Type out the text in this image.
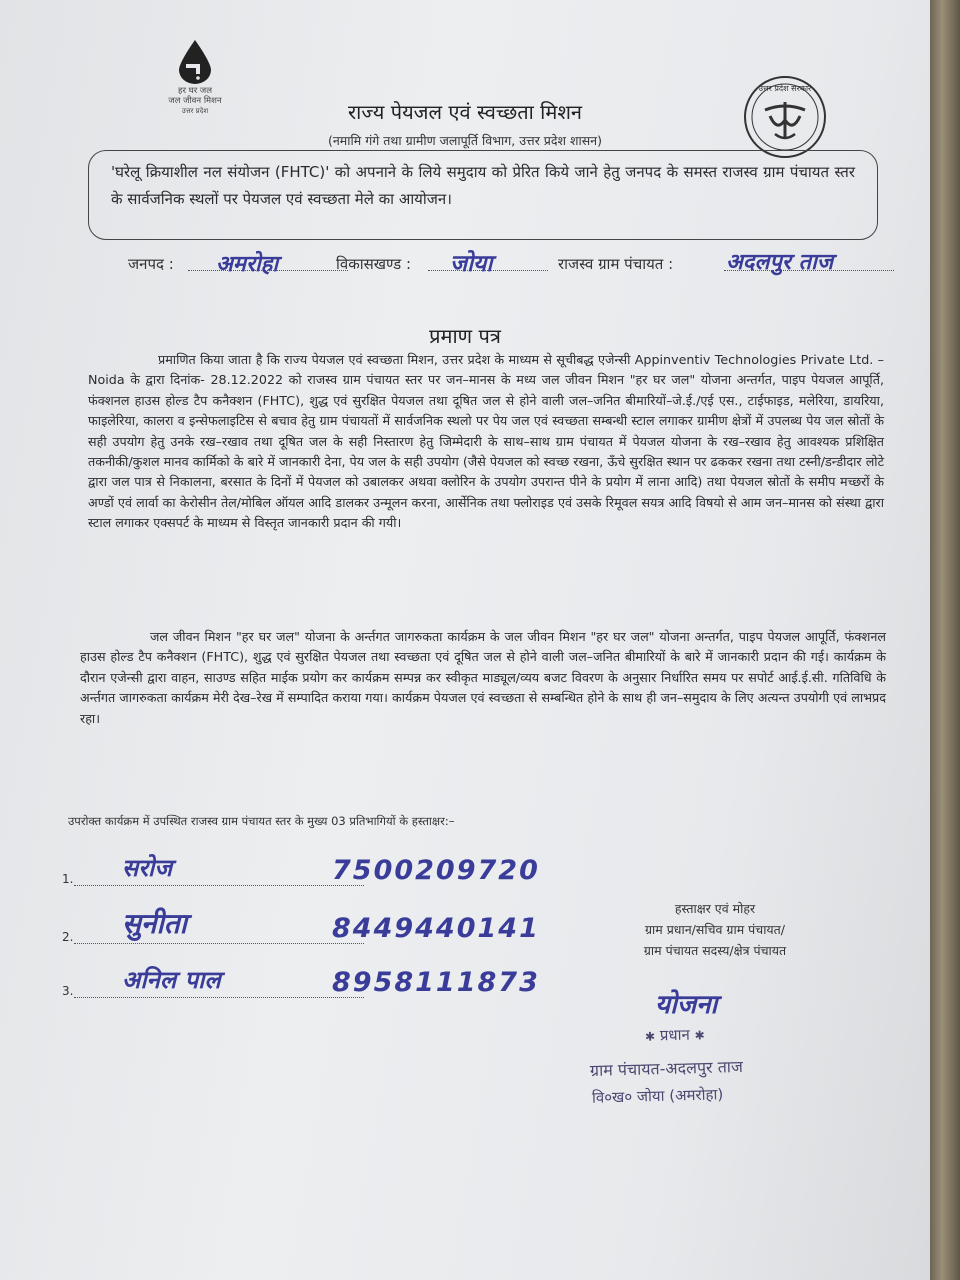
हर घर जल
जल जीवन मिशन
उत्तर प्रदेश
उत्तर प्रदेश सरकार
राज्य पेयजल एवं स्वच्छता मिशन
(नमामि गंगे तथा ग्रामीण जलापूर्ति विभाग, उत्तर प्रदेश शासन)
'घरेलू क्रियाशील नल संयोजन (FHTC)' को अपनाने के लिये समुदाय को प्रेरित किये जाने हेतु जनपद के समस्त राजस्व ग्राम पंचायत स्तर के सार्वजनिक स्थलों पर पेयजल एवं स्वच्छता मेले का आयोजन।
जनपद : अमरोहा	विकासखण्ड : जोया	राजस्व ग्राम पंचायत : अदलपुर ताज
प्रमाण पत्र
प्रमाणित किया जाता है कि राज्य पेयजल एवं स्वच्छता मिशन, उत्तर प्रदेश के माध्यम से सूचीबद्ध एजेन्सी Appinventiv Technologies Private Ltd. – Noida के द्वारा दिनांक- 28.12.2022 को राजस्व ग्राम पंचायत स्तर पर जन–मानस के मध्य जल जीवन मिशन "हर घर जल" योजना अन्तर्गत, पाइप पेयजल आपूर्ति, फंक्शनल हाउस होल्ड टैप कनैक्शन (FHTC), शुद्ध एवं सुरक्षित पेयजल तथा दूषित जल से होने वाली जल–जनित बीमारियों–जे.ई./एई एस., टाईफाइड, मलेरिया, डायरिया, फाइलेरिया, कालरा व इन्सेफलाइटिस से बचाव हेतु ग्राम पंचायतों में सार्वजनिक स्थलो पर पेय जल एवं स्वच्छता सम्बन्धी स्टाल लगाकर ग्रामीण क्षेत्रों में उपलब्ध पेय जल स्रोतों के सही उपयोग हेतु उनके रख–रखाव तथा दूषित जल के सही निस्तारण हेतु जिम्मेदारी के साथ–साथ ग्राम पंचायत में पेयजल योजना के रख–रखाव हेतु आवश्यक प्रशिक्षित तकनीकी/कुशल मानव कार्मिको के बारे में जानकारी देना, पेय जल के सही उपयोग (जैसे पेयजल को स्वच्छ रखना, ऊँचे सुरक्षित स्थान पर ढककर रखना तथा टस्नी/डन्डीदार लोटे द्वारा जल पात्र से निकालना, बरसात के दिनों में पेयजल को उबालकर अथवा क्लोरिन के उपयोग उपरान्त पीने के प्रयोग में लाना आदि) तथा पेयजल स्रोतों के समीप मच्छरों के अण्डों एवं लार्वा का केरोसीन तेल/मोबिल ऑयल आदि डालकर उन्मूलन करना, आर्सेनिक तथा फ्लोराइड एवं उसके रिमूवल सयत्र आदि विषयो से आम जन–मानस को संस्था द्वारा स्टाल लगाकर एक्सपर्ट के माध्यम से विस्तृत जानकारी प्रदान की गयी।
जल जीवन मिशन "हर घर जल" योजना के अर्न्तगत जागरुकता कार्यक्रम के जल जीवन मिशन "हर घर जल" योजना अन्तर्गत, पाइप पेयजल आपूर्ति, फंक्शनल हाउस होल्ड टैप कनैक्शन (FHTC), शुद्ध एवं सुरक्षित पेयजल तथा स्वच्छता एवं दूषित जल से होने वाली जल–जनित बीमारियों के बारे में जानकारी प्रदान की गई। कार्यक्रम के दौरान एजेन्सी द्वारा वाहन, साउण्ड सहित माईक प्रयोग कर कार्यक्रम सम्पन्न कर स्वीकृत माड्यूल/व्यय बजट विवरण के अनुसार निर्धारित समय पर सपोर्ट आई.ई.सी. गतिविधि के अर्न्तगत जागरुकता कार्यक्रम मेरी देख–रेख में सम्पादित कराया गया। कार्यक्रम पेयजल एवं स्वच्छता से सम्बन्धित होने के साथ ही जन–समुदाय के लिए अत्यन्त उपयोगी एवं लाभप्रद रहा।
उपरोक्त कार्यक्रम में उपस्थित राजस्व ग्राम पंचायत स्तर के मुख्य 03 प्रतिभागियों के हस्ताक्षर:–
1. सरोज	7500209720
2. सुनीता	8449440141
3. अनिल पाल	8958111873
हस्ताक्षर एवं मोहर
ग्राम प्रधान/सचिव ग्राम पंचायत/
ग्राम पंचायत सदस्य/क्षेत्र पंचायत
योजना
✱ प्रधान ✱
ग्राम पंचायत-अदलपुर ताज
वि०ख० जोया (अमरोहा)
